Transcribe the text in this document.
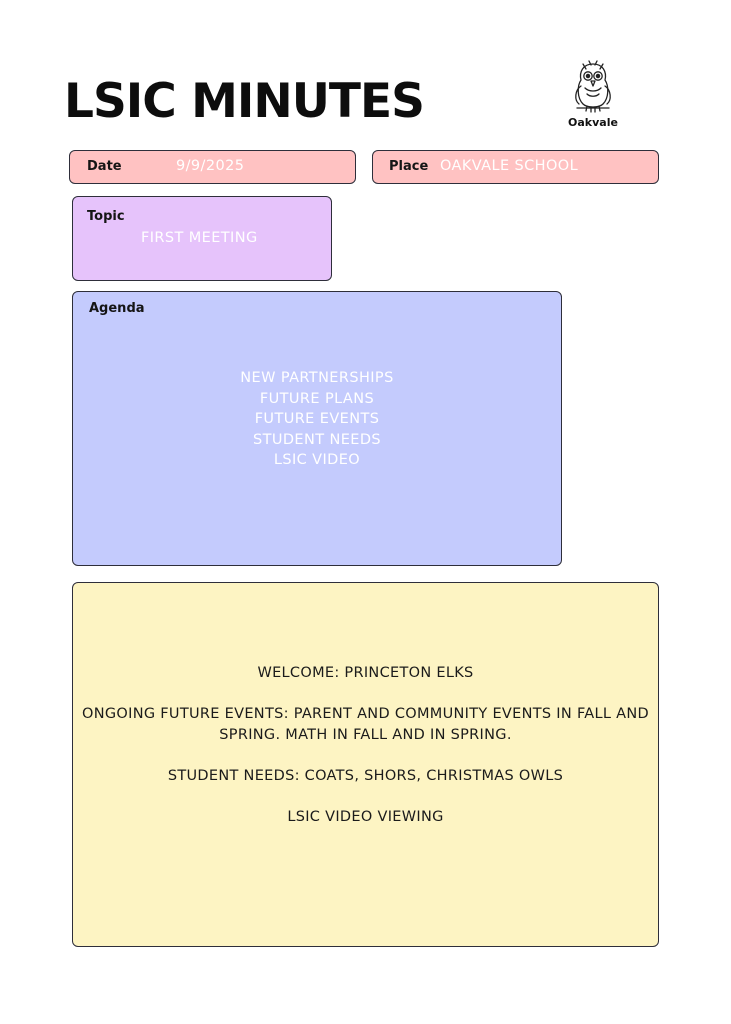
LSIC MINUTES	Oakvale
Date	9/9/2025	Place OAKVALE SCHOOL
Topic
FIRST MEETING
Agenda
NEW PARTNERSHIPS
FUTURE PLANS
FUTURE EVENTS
STUDENT NEEDS
LSIC VIDEO

WELCOME: PRINCETON ELKS

ONGOING FUTURE EVENTS: PARENT AND COMMUNITY EVENTS IN FALL AND SPRING. MATH IN FALL AND IN SPRING.

STUDENT NEEDS: COATS, SHORS, CHRISTMAS OWLS

LSIC VIDEO VIEWING
